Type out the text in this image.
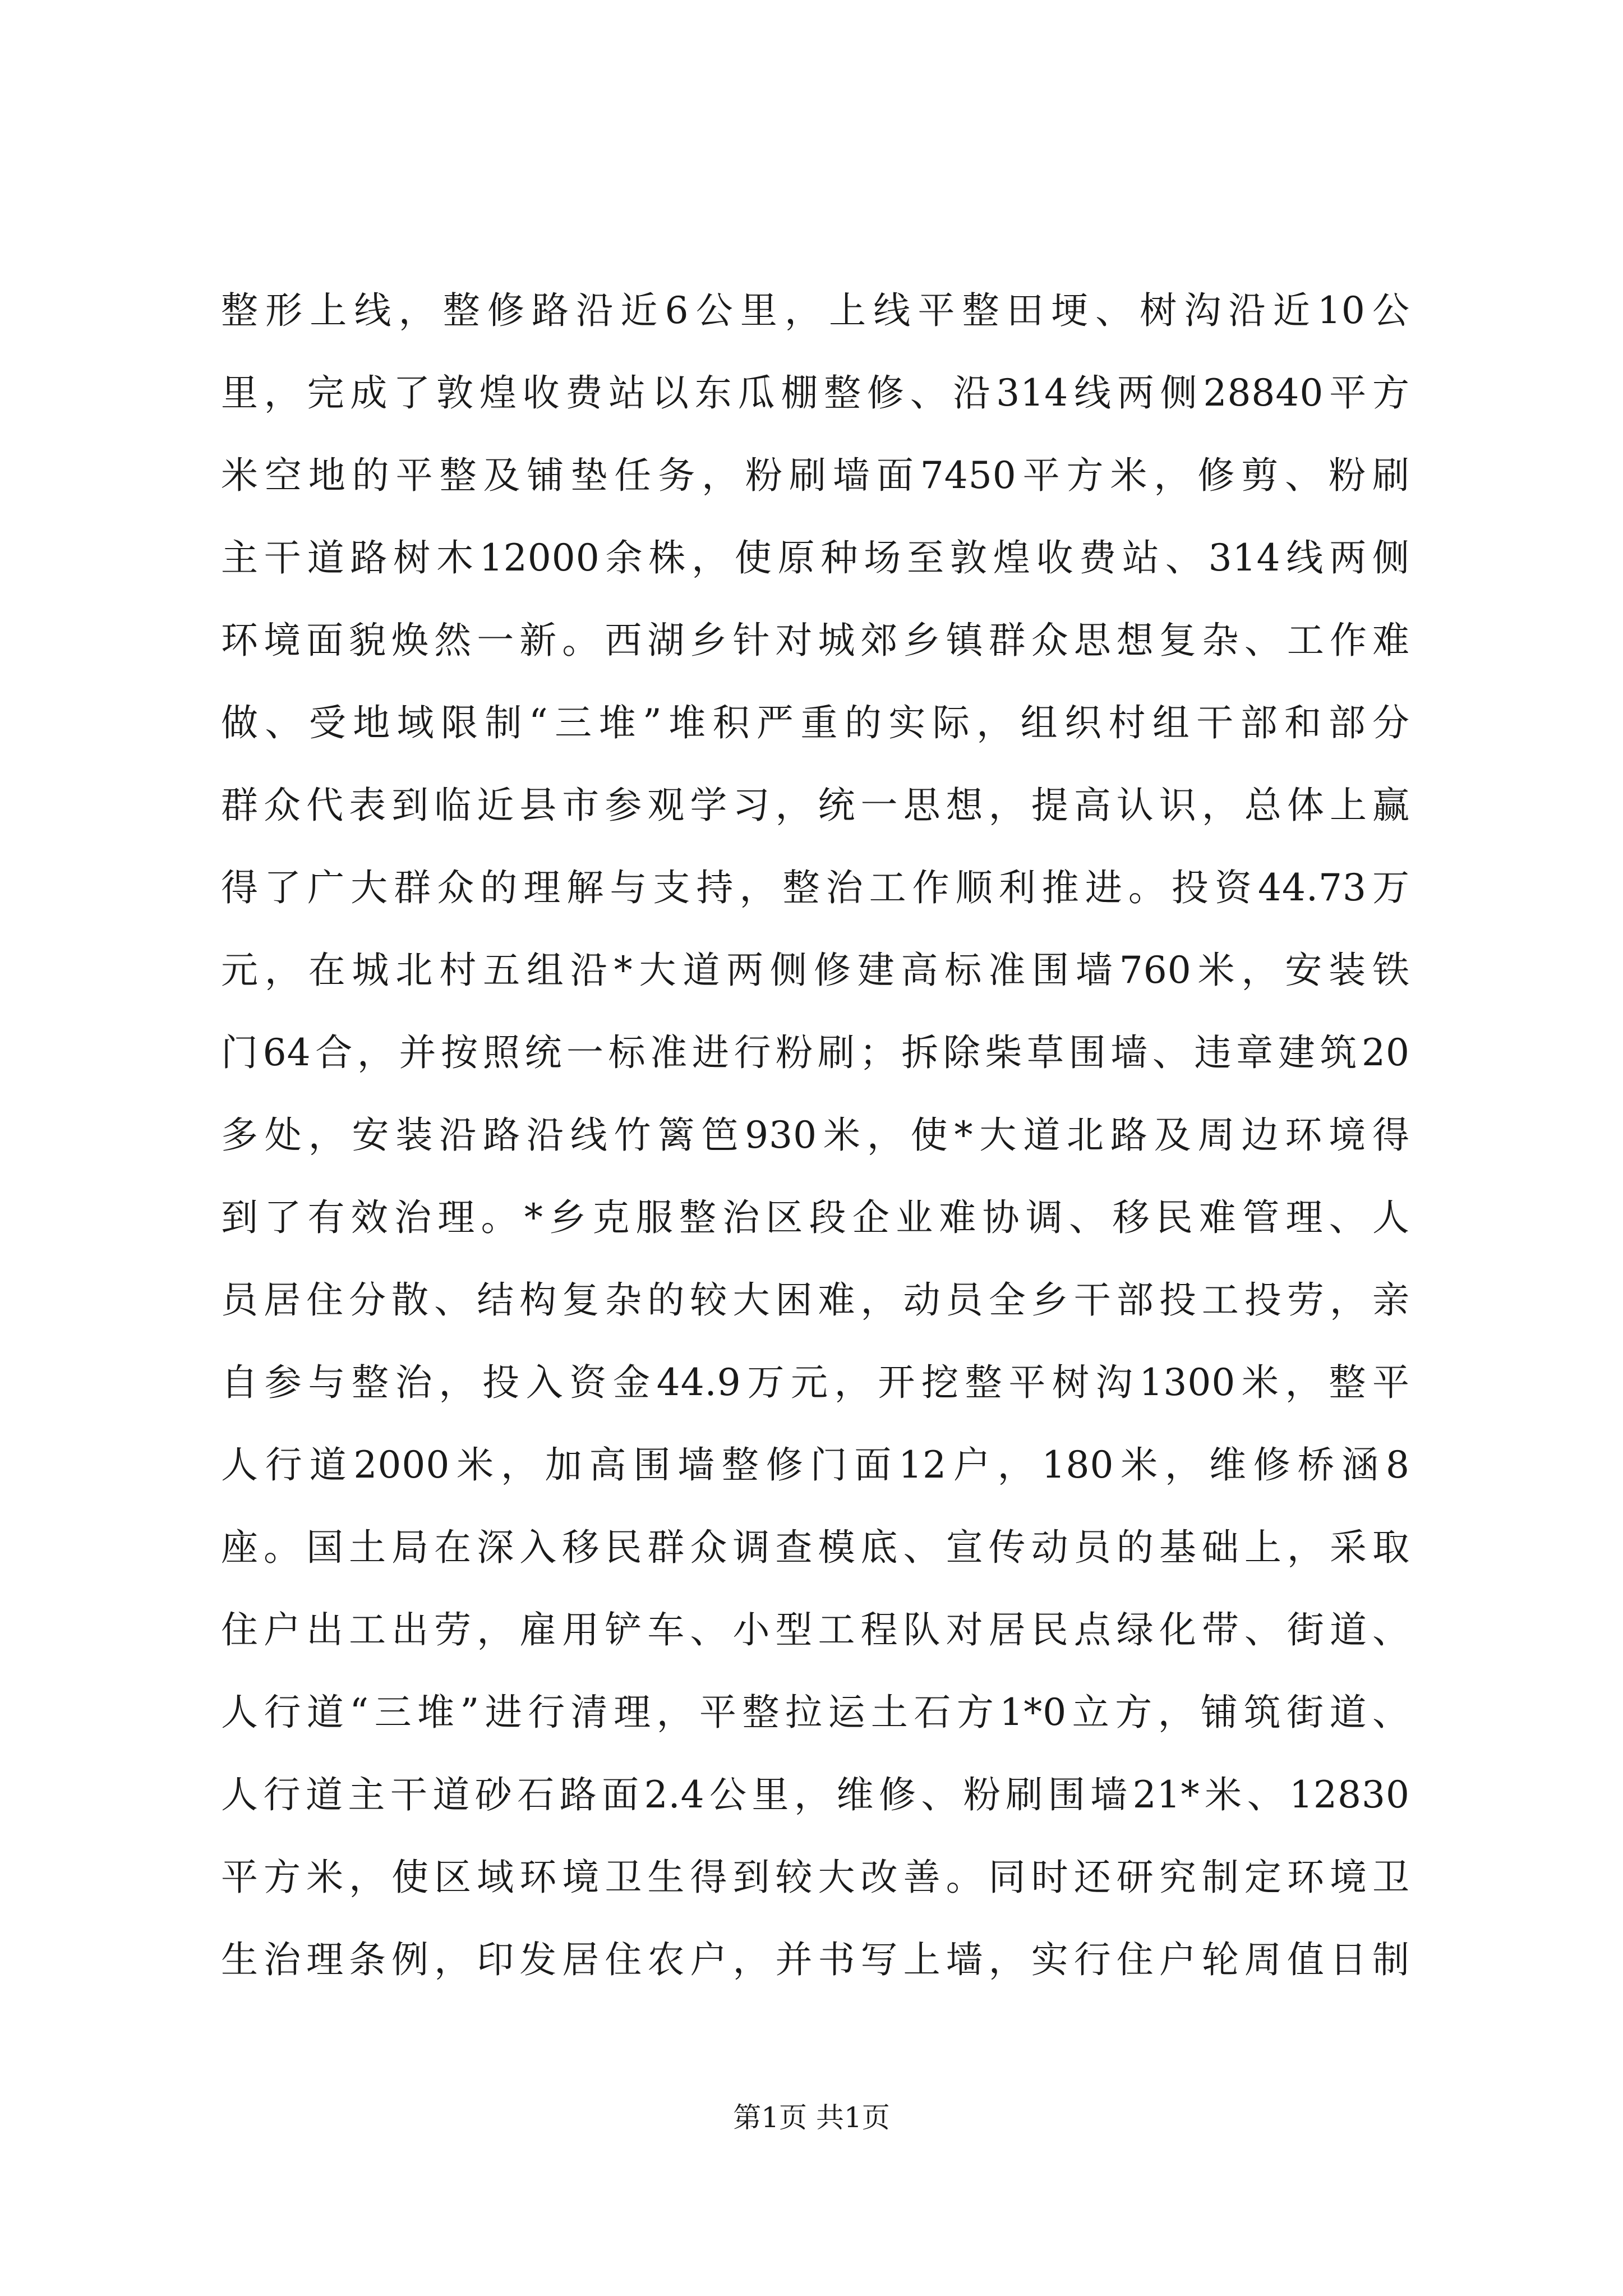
整形上线，整修路沿近6公里，上线平整田埂、树沟沿近10公
里，完成了敦煌收费站以东瓜棚整修、沿314线两侧28840平方
米空地的平整及铺垫任务，粉刷墙面7450平方米，修剪、粉刷
主干道路树木12000余株，使原种场至敦煌收费站、314线两侧
环境面貌焕然一新。西湖乡针对城郊乡镇群众思想复杂、工作难
做、受地域限制“三堆”堆积严重的实际，组织村组干部和部分
群众代表到临近县市参观学习，统一思想，提高认识，总体上赢
得了广大群众的理解与支持，整治工作顺利推进。投资44.73万
元，在城北村五组沿*大道两侧修建高标准围墙760米，安装铁
门64合，并按照统一标准进行粉刷；拆除柴草围墙、违章建筑20
多处，安装沿路沿线竹篱笆930米，使*大道北路及周边环境得
到了有效治理。*乡克服整治区段企业难协调、移民难管理、人
员居住分散、结构复杂的较大困难，动员全乡干部投工投劳，亲
自参与整治，投入资金44.9万元，开挖整平树沟1300米，整平
人行道2000米，加高围墙整修门面12户，180米，维修桥涵8
座。国土局在深入移民群众调查模底、宣传动员的基础上，采取
住户出工出劳，雇用铲车、小型工程队对居民点绿化带、街道、
人行道“三堆”进行清理，平整拉运土石方1*0立方，铺筑街道、
人行道主干道砂石路面2.4公里，维修、粉刷围墙21*米、12830
平方米，使区域环境卫生得到较大改善。同时还研究制定环境卫
生治理条例，印发居住农户，并书写上墙，实行住户轮周值日制
第1页 共1页
